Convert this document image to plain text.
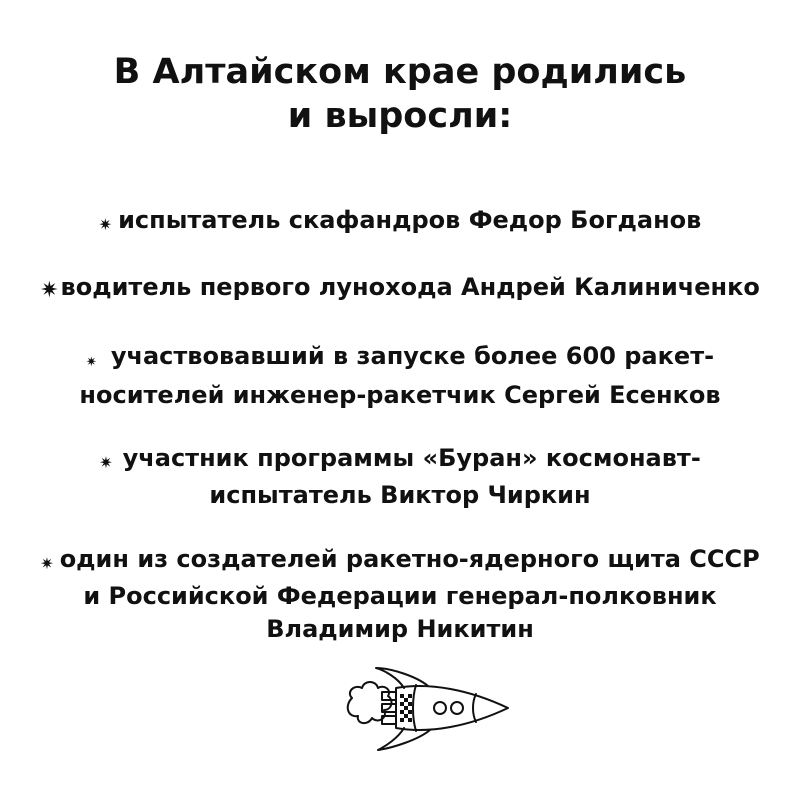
В Алтайском крае родились
и выросли:
✷ испытатель скафандров Федор Богданов
✷водитель первого лунохода Андрей Калиниченко
✷ участвовавший в запуске более 600 ракет-
носителей инженер-ракетчик Сергей Есенков
✷ участник программы «Буран» космонавт-
испытатель Виктор Чиркин
✷ один из создателей ракетно-ядерного щита СССР
и Российской Федерации генерал-полковник
Владимир Никитин
